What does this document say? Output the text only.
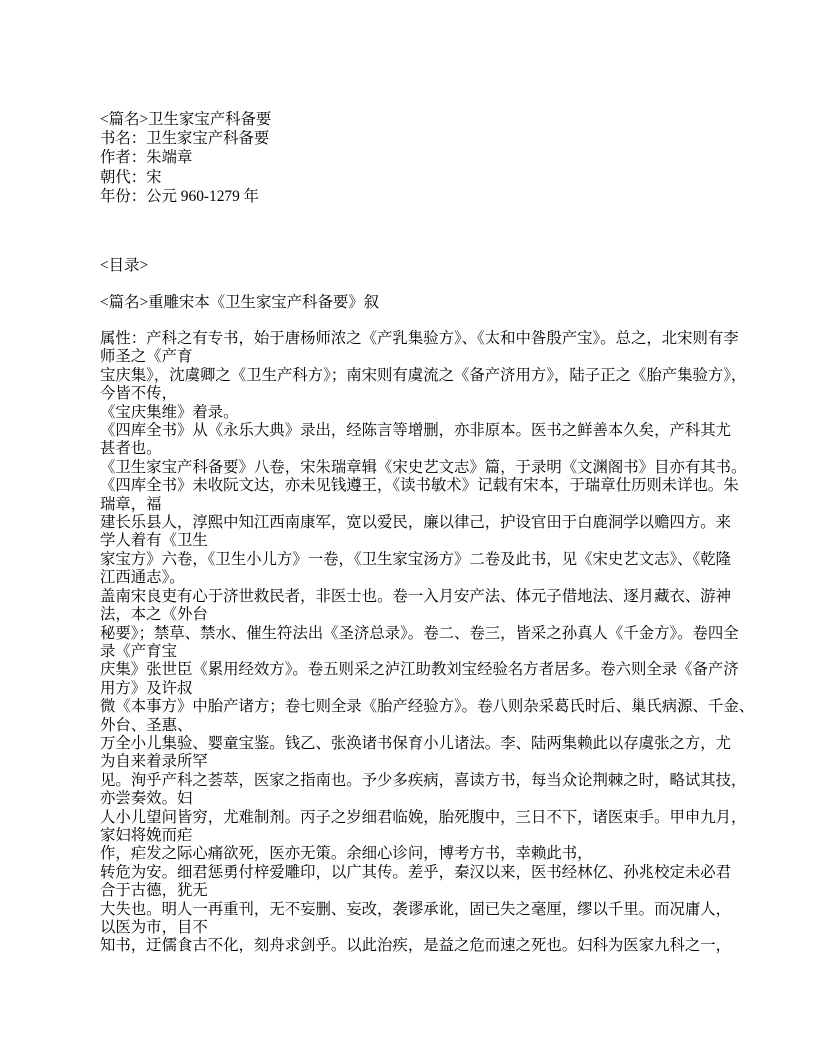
<篇名>卫生家宝产科备要
书名：卫生家宝产科备要
作者：朱端章
朝代：宋
年份：公元 960-1279 年
<目录>
<篇名>重雕宋本《卫生家宝产科备要》叙
属性：产科之有专书，始于唐杨师浓之《产乳集验方》、《太和中昝殷产宝》。总之，北宋则有李
师圣之《产育
宝庆集》，沈虞卿之《卫生产科方》；南宋则有虞流之《备产济用方》，陆子正之《胎产集验方》，
今皆不传，
《宝庆集维》着录。
《四库全书》从《永乐大典》录出，经陈言等增删，亦非原本。医书之鲜善本久矣，产科其尤
甚者也。
《卫生家宝产科备要》八卷，宋朱瑞章辑《宋史艺文志》篇，于录明《文渊阁书》目亦有其书。
《四库全书》未收阮文达，亦未见钱遵王，《读书敏术》记载有宋本，于瑞章仕历则未详也。朱
瑞章，福
建长乐县人，淳熙中知江西南康军，宽以爱民，廉以律己，护设官田于白鹿洞学以赡四方。来
学人着有《卫生
家宝方》六卷，《卫生小儿方》一卷，《卫生家宝汤方》二卷及此书，见《宋史艺文志》、《乾隆
江西通志》。
盖南宋良吏有心于济世救民者，非医士也。卷一入月安产法、体元子借地法、逐月藏衣、游神
法，本之《外台
秘要》；禁草、禁水、催生符法出《圣济总录》。卷二、卷三，皆采之孙真人《千金方》。卷四全
录《产育宝
庆集》张世臣《累用经效方》。卷五则采之泸江助教刘宝经验名方者居多。卷六则全录《备产济
用方》及许叔
微《本事方》中胎产诸方；卷七则全录《胎产经验方》。卷八则杂采葛氏时后、巢氏病源、千金、
外台、圣惠、
万全小儿集验、婴童宝鉴。钱乙、张涣诸书保育小儿诸法。李、陆两集赖此以存虞张之方，尤
为自来着录所罕
见。洵乎产科之荟萃，医家之指南也。予少多疾病，喜读方书，每当众论荆棘之时，略试其技，
亦尝奏效。妇
人小儿望问皆穷，尤难制剂。丙子之岁细君临娩，胎死腹中，三日不下，诸医束手。甲申九月，
家妇将娩而疟
作，疟发之际心痛欲死，医亦无策。余细心诊问，博考方书，幸赖此书，
转危为安。细君惩勇付梓爱雕印，以广其传。差乎，秦汉以来，医书经林亿、孙兆校定未必君
合于古德，犹无
大失也。明人一再重刊，无不妄删、妄改，袭谬承讹，固已失之毫厘，缪以千里。而况庸人，
以医为市，目不
知书，迂儒食古不化，刻舟求剑乎。以此治疾，是益之危而速之死也。妇科为医家九科之一，
